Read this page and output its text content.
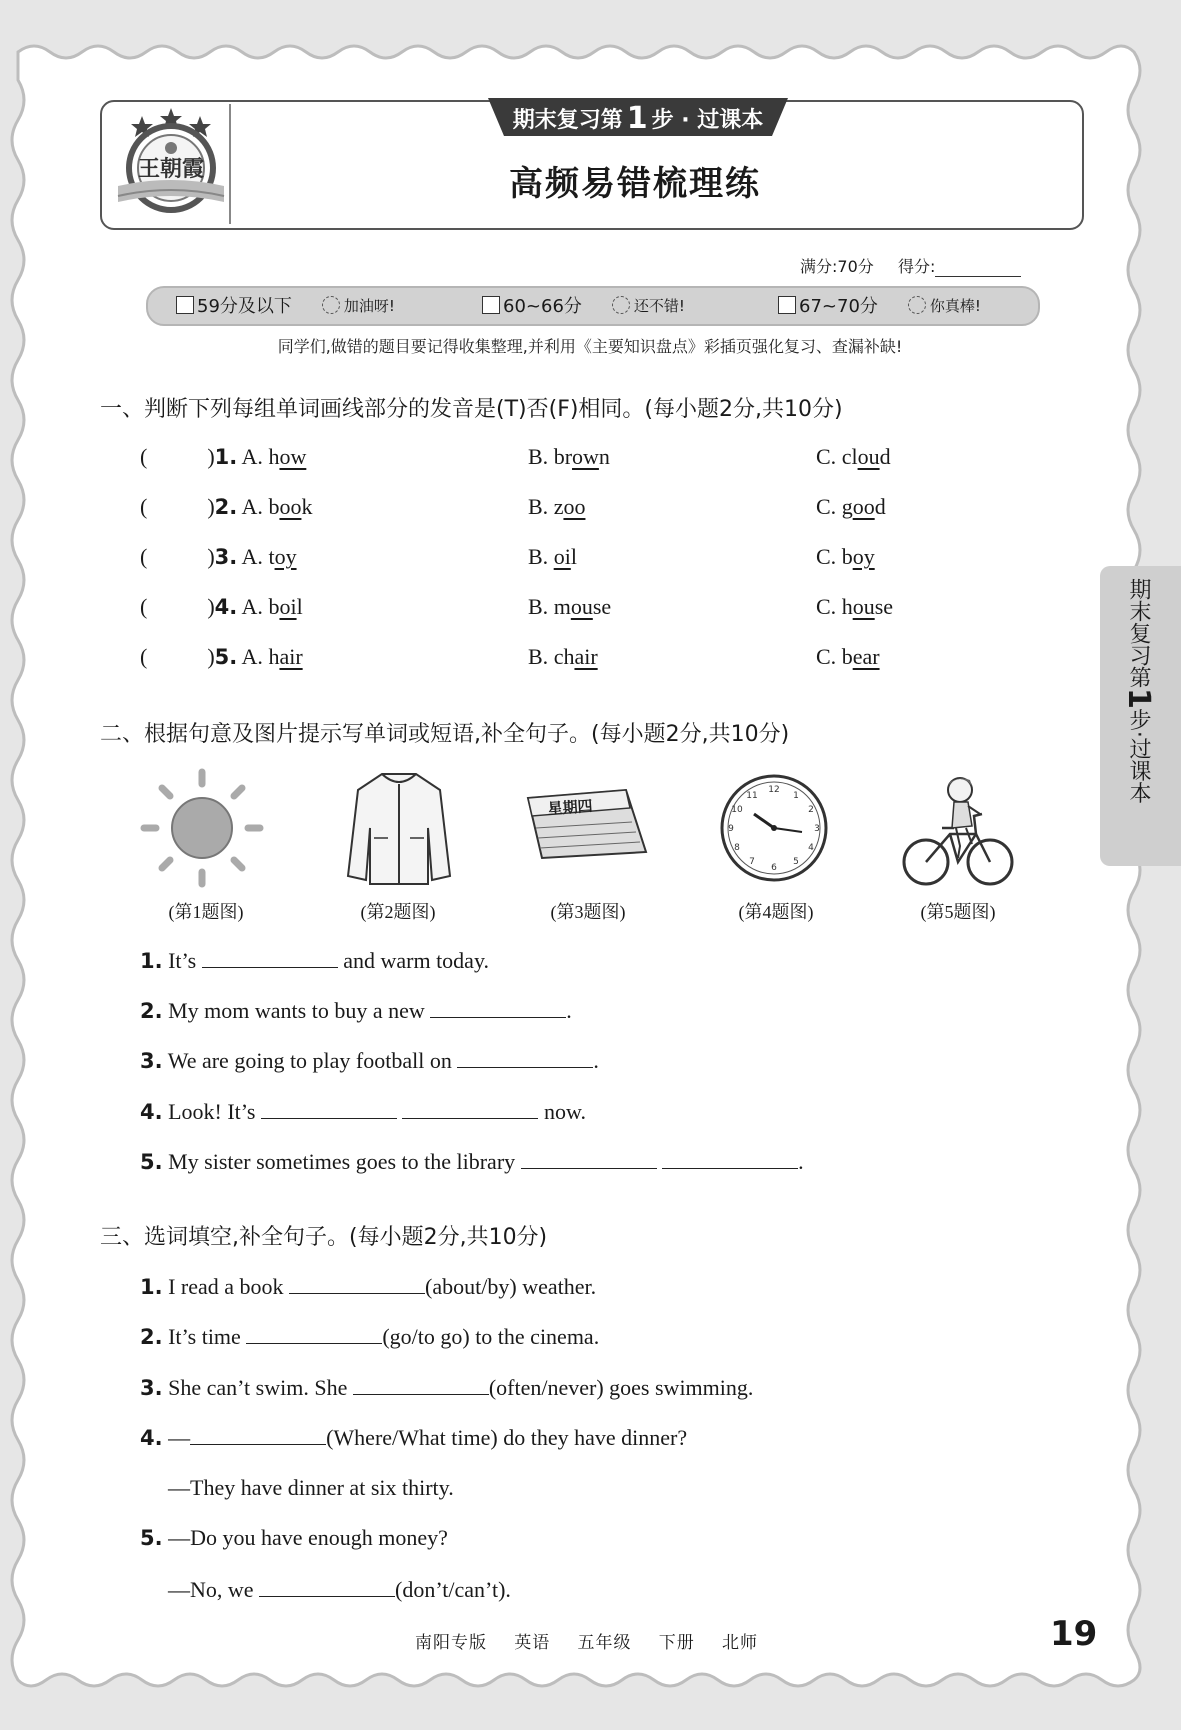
王朝霞
期末复习第 1 步 · 过课本
高频易错梳理练
满分:70分 得分:
59分及以下	加油呀!	60~66分	还不错!	67~70分	你真棒!
同学们,做错的题目要记得收集整理,并利用《主要知识盘点》彩插页强化复习、查漏补缺!
一、判断下列每组单词画线部分的发音是(T)否(F)相同。(每小题2分,共10分)
(	)1. A. how	B. brown	C. cloud
(	)2. A. book	B. zoo	C. good
(	)3. A. toy	B. oil	C. boy
(	)4. A. boil	B. mouse	C. house
(	)5. A. hair	B. chair	C. bear
二、根据句意及图片提示写单词或短语,补全句子。(每小题2分,共10分)
星期四
12
1
2
3
4
5
6
7
8
9
10
11
(第1题图)	(第2题图)	(第3题图)	(第4题图)	(第5题图)
1. It’s	and warm today.
2. My mom wants to buy a new	.
3. We are going to play football on	.
4. Look! It’s	now.
5. My sister sometimes goes to the library	.
三、选词填空,补全句子。(每小题2分,共10分)
1. I read a book	(about/by) weather.
2. It’s time	(go/to go) to the cinema.
3. She can’t swim. She	(often/never) goes swimming.
4. —	(Where/What time) do they have dinner?
—They have dinner at six thirty.
5. —Do you have enough money?
—No, we	(don’t/can’t).
期末复习第1步·过课本
南阳专版 英语 五年级 下册 北师	19
